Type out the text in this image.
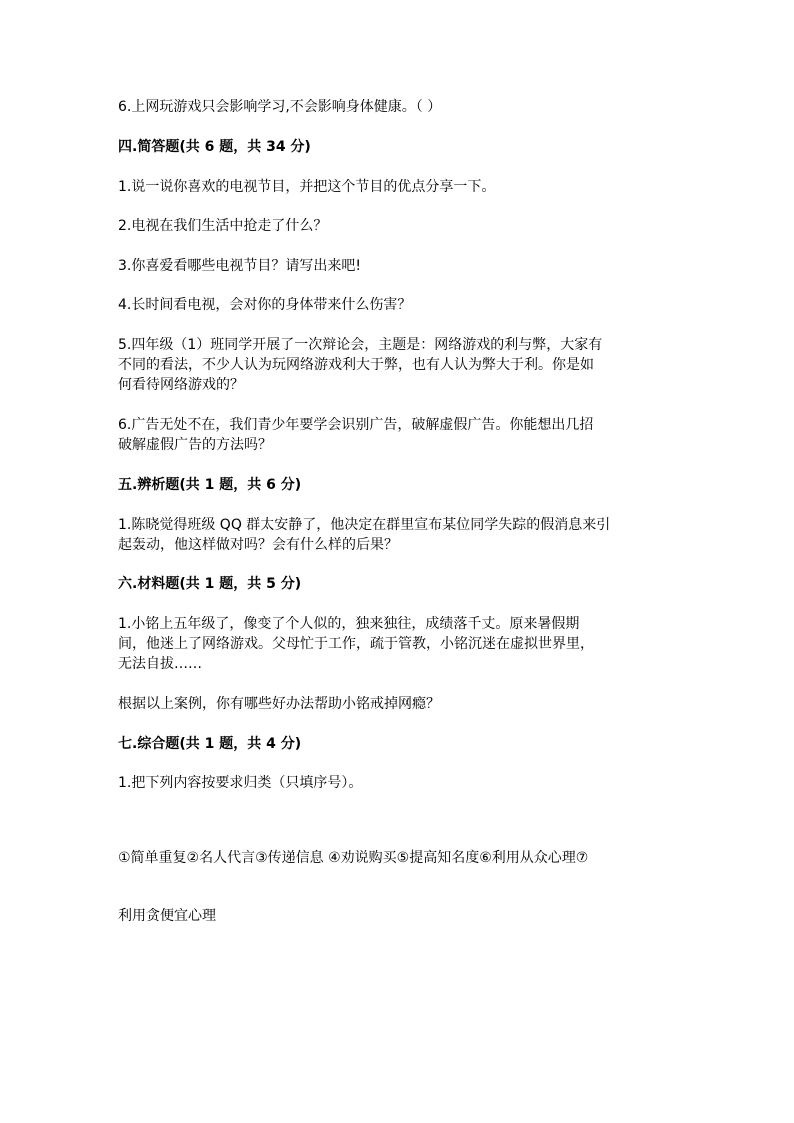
6.上网玩游戏只会影响学习,不会影响身体健康。（ ）
四.简答题(共 6 题，共 34 分)
1.说一说你喜欢的电视节目，并把这个节目的优点分享一下。
2.电视在我们生活中抢走了什么？
3.你喜爱看哪些电视节目？请写出来吧!
4.长时间看电视，会对你的身体带来什么伤害？
5.四年级（1）班同学开展了一次辩论会，主题是：网络游戏的利与弊，大家有
不同的看法，不少人认为玩网络游戏利大于弊，也有人认为弊大于利。你是如
何看待网络游戏的？
6.广告无处不在，我们青少年要学会识别广告，破解虚假广告。你能想出几招
破解虚假广告的方法吗？
五.辨析题(共 1 题，共 6 分)
1.陈晓觉得班级 QQ 群太安静了，他决定在群里宣布某位同学失踪的假消息来引
起轰动，他这样做对吗？会有什么样的后果？
六.材料题(共 1 题，共 5 分)
1.小铭上五年级了，像变了个人似的，独来独往，成绩落千丈。原来暑假期
间，他迷上了网络游戏。父母忙于工作，疏于管教，小铭沉迷在虚拟世界里，
无法自拔……
根据以上案例，你有哪些好办法帮助小铭戒掉网瘾？
七.综合题(共 1 题，共 4 分)
1.把下列内容按要求归类（只填序号）。
①简单重复②名人代言③传递信息 ④劝说购买⑤提高知名度⑥利用从众心理⑦
利用贪便宜心理
